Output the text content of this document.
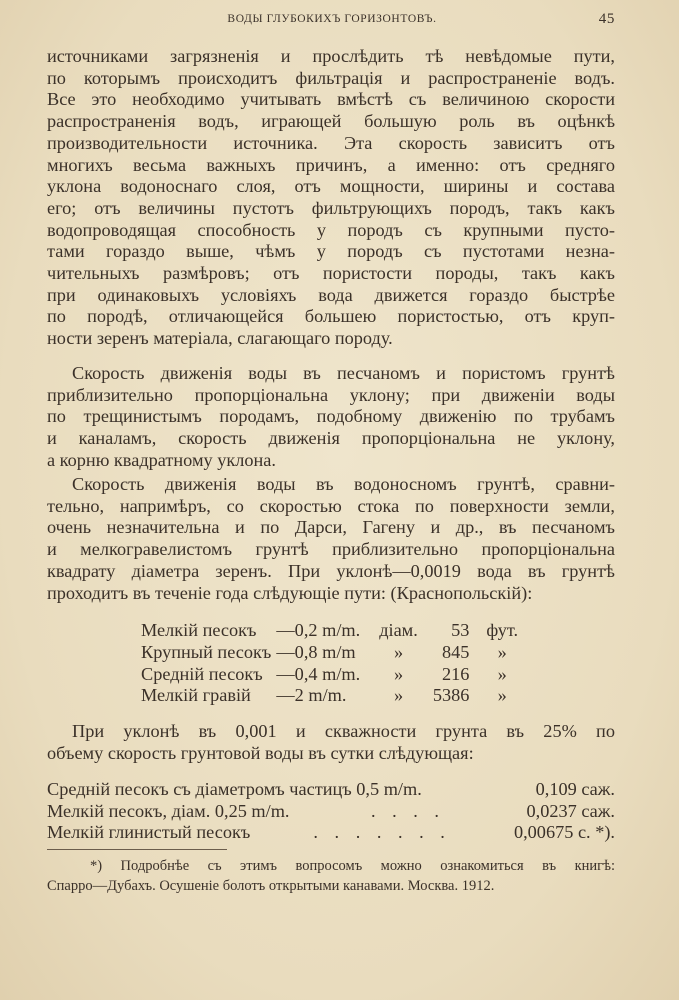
ВОДЫ ГЛУБОКИХЪ ГОРИЗОНТОВЪ.	45
источниками загрязненія и прослѣдить тѣ невѣдомые пути,
по которымъ происходитъ фильтрація и распространеніе водъ.
Все это необходимо учитывать вмѣстѣ съ величиною скорости
распространенія водъ, играющей большую роль въ оцѣнкѣ
производительности источника. Эта скорость зависитъ отъ
многихъ весьма важныхъ причинъ, а именно: отъ средняго
уклона водоноснаго слоя, отъ мощности, ширины и состава
его; отъ величины пустотъ фильтрующихъ породъ, такъ какъ
водопроводящая способность у породъ съ крупными пусто-
тами гораздо выше, чѣмъ у породъ съ пустотами незна-
чительныхъ размѣровъ; отъ пористости породы, такъ какъ
при одинаковыхъ условіяхъ вода движется гораздо быстрѣе
по породѣ, отличающейся большею пористостью, отъ круп-
ности зеренъ матеріала, слагающаго породу.
Скорость движенія воды въ песчаномъ и пористомъ грунтѣ
приблизительно пропорціональна уклону; при движеніи воды
по трещинистымъ породамъ, подобному движенію по трубамъ
и каналамъ, скорость движенія пропорціональна не уклону,
а корню квадратному уклона.
Скорость движенія воды въ водоносномъ грунтѣ, сравни-
тельно, напримѣръ, со скоростью стока по поверхности земли,
очень незначительна и по Дарси, Гагену и др., въ песчаномъ
и мелкогравелистомъ грунтѣ приблизительно пропорціональна
квадрату діаметра зеренъ. При уклонѣ—0,0019 вода въ грунтѣ
проходитъ въ теченіе года слѣдующіе пути: (Краснопольскій):
При уклонѣ въ 0,001 и скважности грунта въ 25% по
объему скорость грунтовой воды въ сутки слѣдующая:
*) Подробнѣе съ этимъ вопросомъ можно ознакомиться въ книгѣ:
Спарро—Дубахъ. Осушеніе болотъ открытыми канавами. Москва. 1912.
Мелкій песокъ	—0,2 m/m.	діам.	53	фут.
Крупный песокъ	—0,8 m/m	»	845	»
Средній песокъ	—0,4 m/m.	»	216	»
Мелкій гравій	—2 m/m.	»	5386	»
Средній песокъ съ діаметромъ частицъ 0,5 m/m.	0,109 саж.
Мелкій песокъ, діам. 0,25 m/m.	. . . .	0,0237 саж.
Мелкій глинистый песокъ	. . . . . . .	0,00675 с. *).
